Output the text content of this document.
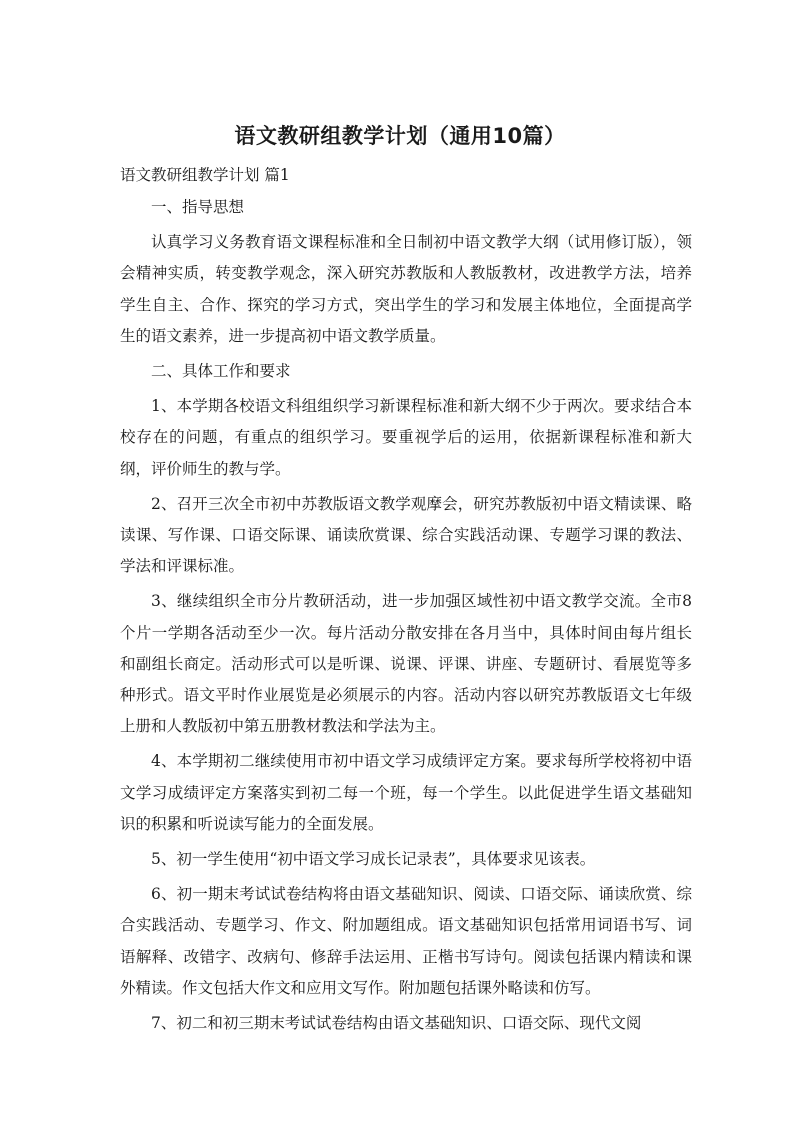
语文教研组教学计划（通用10篇）
语文教研组教学计划 篇1

一、指导思想

认真学习义务教育语文课程标准和全日制初中语文教学大纲（试用修订版），领会精神实质，转变教学观念，深入研究苏教版和人教版教材，改进教学方法，培养学生自主、合作、探究的学习方式，突出学生的学习和发展主体地位，全面提高学生的语文素养，进一步提高初中语文教学质量。

二、具体工作和要求

1、本学期各校语文科组组织学习新课程标准和新大纲不少于两次。要求结合本校存在的问题，有重点的组织学习。要重视学后的运用，依据新课程标准和新大纲，评价师生的教与学。

2、召开三次全市初中苏教版语文教学观摩会，研究苏教版初中语文精读课、略读课、写作课、口语交际课、诵读欣赏课、综合实践活动课、专题学习课的教法、学法和评课标准。

3、继续组织全市分片教研活动，进一步加强区域性初中语文教学交流。全市8个片一学期各活动至少一次。每片活动分散安排在各月当中，具体时间由每片组长和副组长商定。活动形式可以是听课、说课、评课、讲座、专题研讨、看展览等多种形式。语文平时作业展览是必须展示的内容。活动内容以研究苏教版语文七年级上册和人教版初中第五册教材教法和学法为主。

4、本学期初二继续使用市初中语文学习成绩评定方案。要求每所学校将初中语文学习成绩评定方案落实到初二每一个班，每一个学生。以此促进学生语文基础知识的积累和听说读写能力的全面发展。

5、初一学生使用“初中语文学习成长记录表”，具体要求见该表。

6、初一期末考试试卷结构将由语文基础知识、阅读、口语交际、诵读欣赏、综合实践活动、专题学习、作文、附加题组成。语文基础知识包括常用词语书写、词语解释、改错字、改病句、修辞手法运用、正楷书写诗句。阅读包括课内精读和课外精读。作文包括大作文和应用文写作。附加题包括课外略读和仿写。

7、初二和初三期末考试试卷结构由语文基础知识、口语交际、现代文阅
